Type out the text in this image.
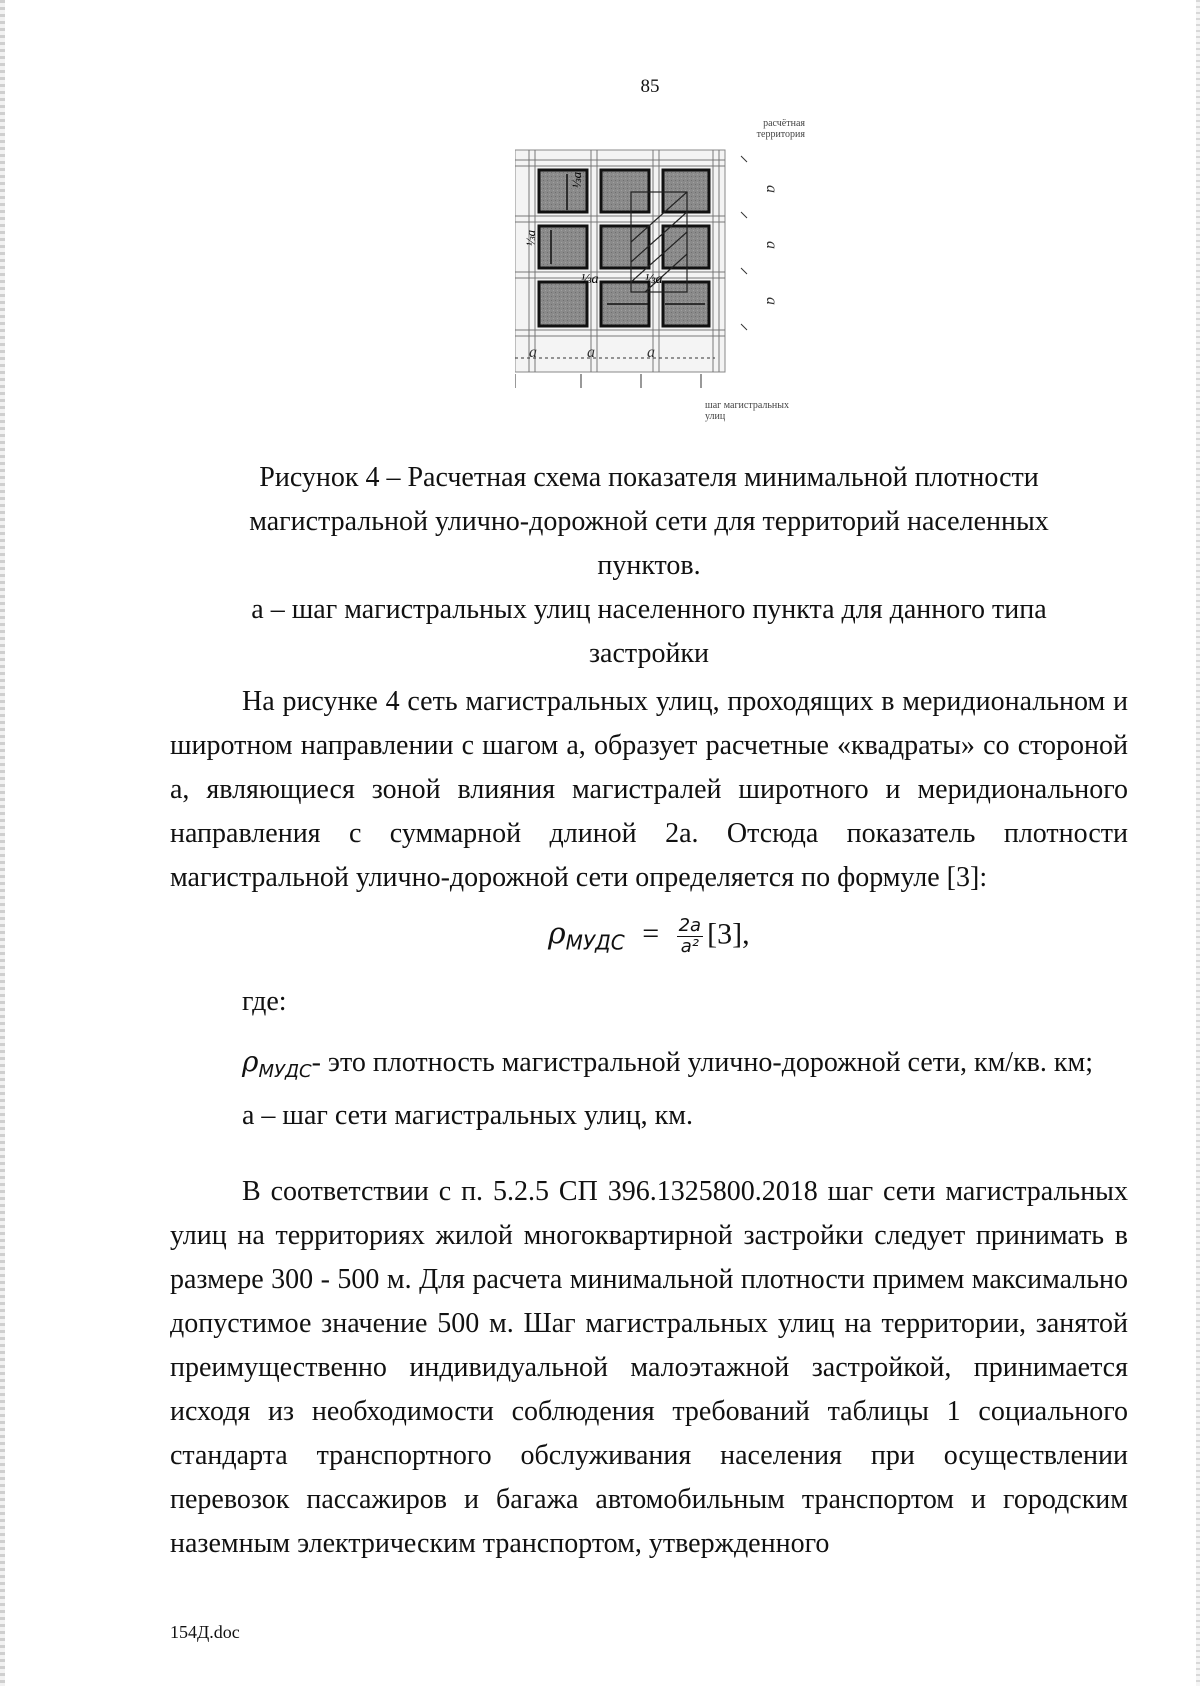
85
расчётная территория
a
a
a
a	a	a
⅓a
⅓a
⅓a	⅓a
шаг магистральных улиц
Рисунок 4 – Расчетная схема показателя минимальной плотности
магистральной улично-дорожной сети для территорий населенных
пунктов.
а – шаг магистральных улиц населенного пункта для данного типа
застройки

На рисунке 4 сеть магистральных улиц, проходящих в меридиональном и широтном направлении с шагом а, образует расчетные «квадраты» со стороной а, являющиеся зоной влияния магистралей широтного и меридионального направления с суммарной длиной 2а. Отсюда показатель плотности магистральной улично-дорожной сети определяется по формуле [3]:

$\rho_{МУДС} = \frac{2a}{\text{a²}} [3]$,

где:

$\rho_{МУДС}-$ это плотность магистральной улично-дорожной сети, км/кв. км;

а – шаг сети магистральных улиц, км.

В соответствии с п. 5.2.5 СП 396.1325800.2018 шаг сети магистральных улиц на территориях жилой многоквартирной застройки следует принимать в размере 300 - 500 м. Для расчета минимальной плотности примем максимально допустимое значение 500 м. Шаг магистральных улиц на территории, занятой преимущественно индивидуальной малоэтажной застройкой, принимается исходя из необходимости соблюдения требований таблицы 1 социального стандарта транспортного обслуживания населения при осуществлении перевозок пассажиров и багажа автомобильным транспортом и городским наземным электрическим транспортом, утвержденного

154Д.doc
